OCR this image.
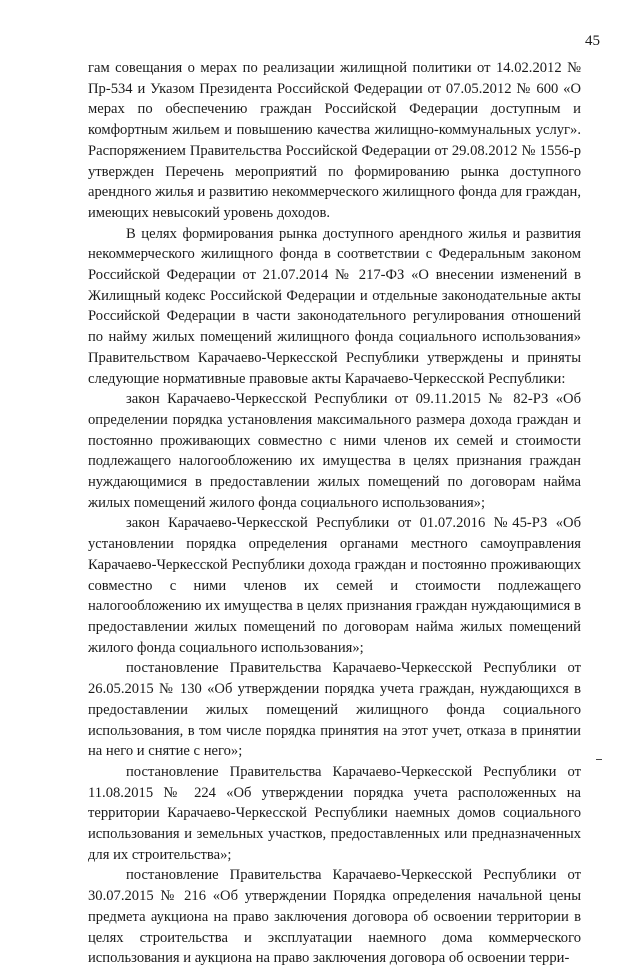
45

гам совещания о мерах по реализации жилищной политики от 14.02.2012 № Пр-534 и Указом Президента Российской Федерации от 07.05.2012 № 600 «О мерах по обеспечению граждан Российской Федерации доступным и комфортным жильем и повышению качества жилищно-коммунальных услуг». Распоряжением Правительства Российской Федерации от 29.08.2012 № 1556-р утвержден Перечень мероприятий по формированию рынка доступного арендного жилья и развитию некоммерческого жилищного фонда для граждан, имеющих невысокий уровень доходов.

В целях формирования рынка доступного арендного жилья и развития некоммерческого жилищного фонда в соответствии с Федеральным законом Российской Федерации от 21.07.2014 № 217-ФЗ «О внесении изменений в Жилищный кодекс Российской Федерации и отдельные законодательные акты Российской Федерации в части законодательного регулирования отношений по найму жилых помещений жилищного фонда социального использования» Правительством Карачаево-Черкесской Республики утверждены и приняты следующие нормативные правовые акты Карачаево-Черкесской Республики:

закон Карачаево-Черкесской Республики от 09.11.2015 № 82-РЗ «Об определении порядка установления максимального размера дохода граждан и постоянно проживающих совместно с ними членов их семей и стоимости подлежащего налогообложению их имущества в целях признания граждан нуждающимися в предоставлении жилых помещений по договорам найма жилых помещений жилого фонда социального использования»;

закон Карачаево-Черкесской Республики от 01.07.2016 №45-РЗ «Об установлении порядка определения органами местного самоуправления Карачаево-Черкесской Республики дохода граждан и постоянно проживающих совместно с ними членов их семей и стоимости подлежащего налогообложению их имущества в целях признания граждан нуждающимися в предоставлении жилых помещений по договорам найма жилых помещений жилого фонда социального использования»;

постановление Правительства Карачаево-Черкесской Республики от 26.05.2015 № 130 «Об утверждении порядка учета граждан, нуждающихся в предоставлении жилых помещений жилищного фонда социального использования, в том числе порядка принятия на этот учет, отказа в принятии на него и снятие с него»;

постановление Правительства Карачаево-Черкесской Республики от 11.08.2015 № 224 «Об утверждении порядка учета расположенных на территории Карачаево-Черкесской Республики наемных домов социального использования и земельных участков, предоставленных или предназначенных для их строительства»;

постановление Правительства Карачаево-Черкесской Республики от 30.07.2015 № 216 «Об утверждении Порядка определения начальной цены предмета аукциона на право заключения договора об освоении территории в целях строительства и эксплуатации наемного дома коммерческого использования и аукциона на право заключения договора об освоении терри-
